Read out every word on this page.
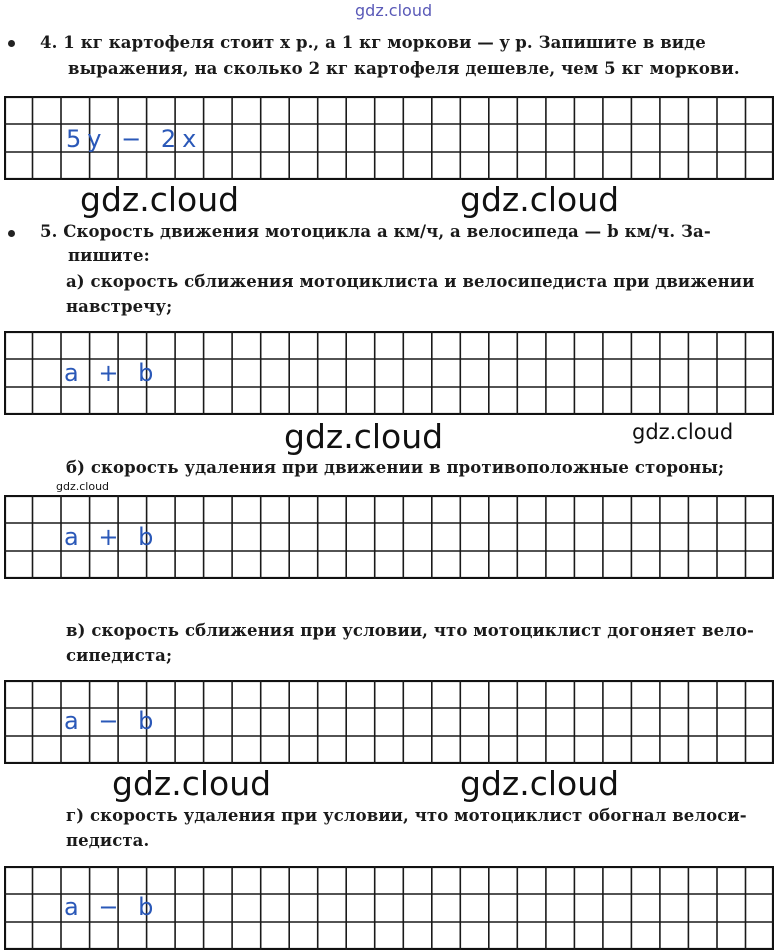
gdz.cloud
4. 1 кг картофеля стоит x р., а 1 кг моркови — y р. Запишите в виде
выражения, на сколько 2 кг картофеля дешевле, чем 5 кг моркови.
5y − 2x
gdz.cloud	gdz.cloud
5. Скорость движения мотоцикла a км/ч, а велосипеда — b км/ч. За-
пишите:
а) скорость сближения мотоциклиста и велосипедиста при движении
навстречу;
a + b
gdz.cloud	gdz.cloud
б) скорость удаления при движении в противоположные стороны;
gdz.cloud
a + b
в) скорость сближения при условии, что мотоциклист догоняет вело-
сипедиста;
a − b
gdz.cloud	gdz.cloud
г) скорость удаления при условии, что мотоциклист обогнал велоси-
педиста.
a − b
